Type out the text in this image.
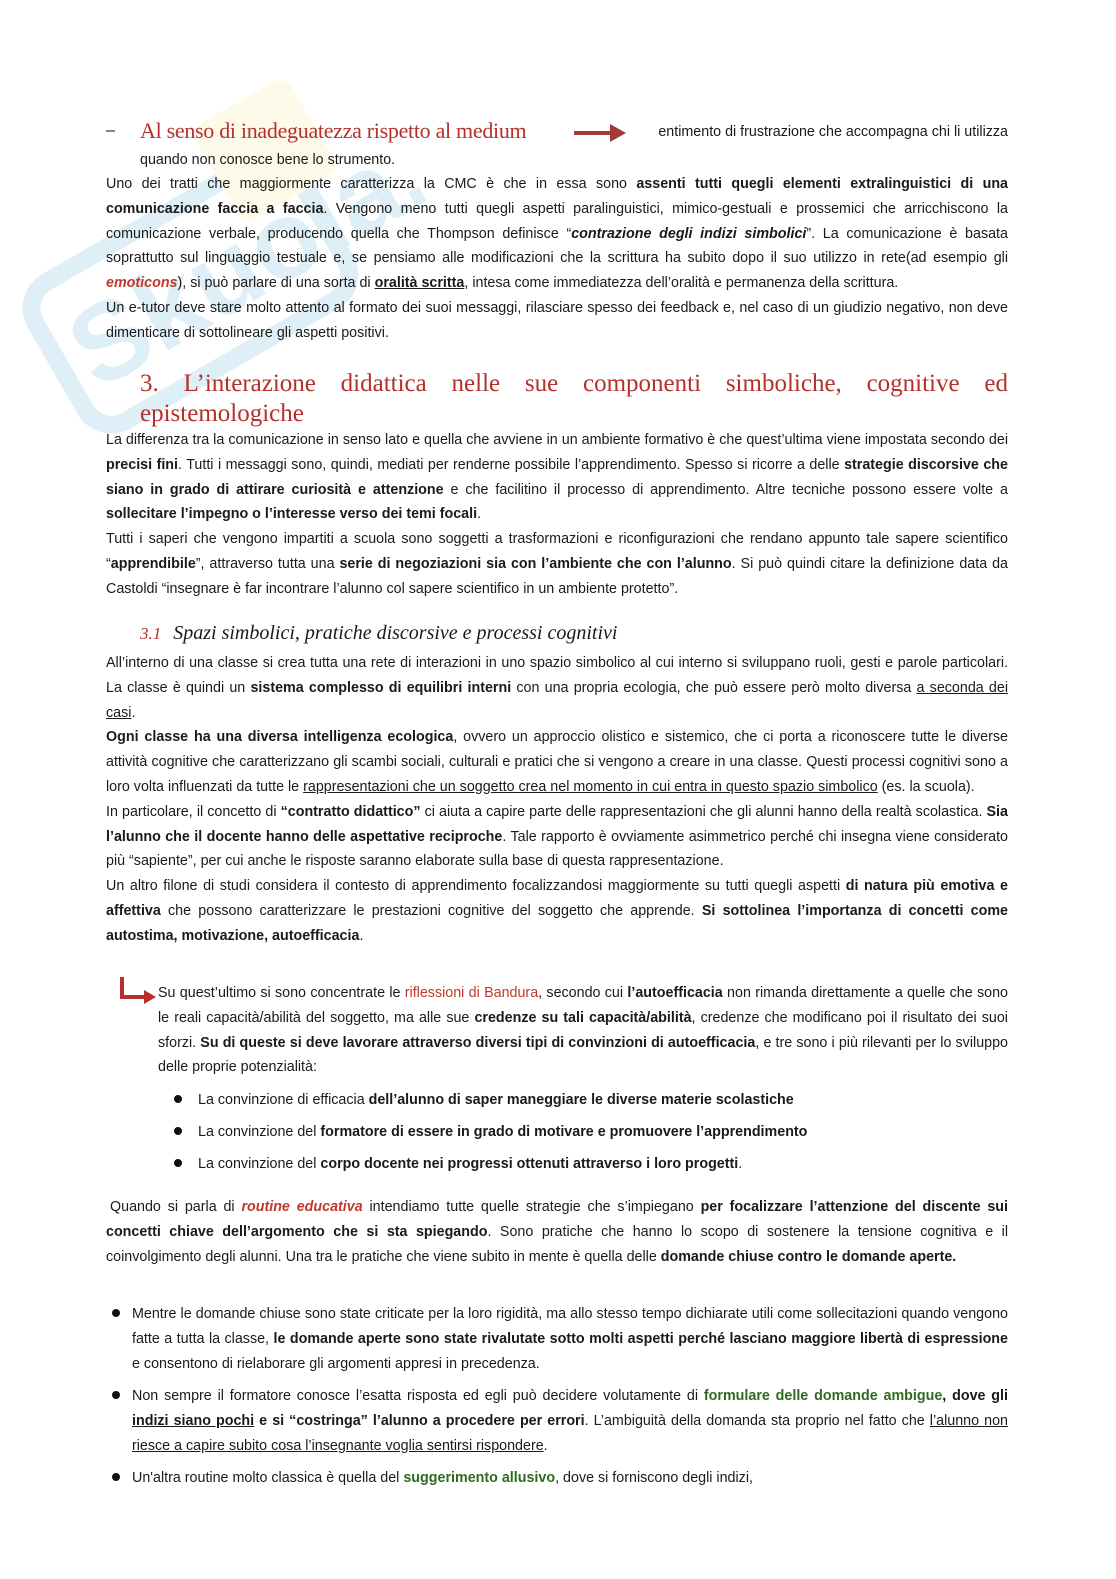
Skuola.net
– Al senso di inadeguatezza rispetto al medium	entimento di frustrazione che accompagna chi li utilizza

quando non conosce bene lo strumento.

Uno dei tratti che maggiormente caratterizza la CMC è che in essa sono assenti tutti quegli elementi extralinguistici di una comunicazione faccia a faccia. Vengono meno tutti quegli aspetti paralinguistici, mimico-gestuali e prossemici che arricchiscono la comunicazione verbale, producendo quella che Thompson definisce “contrazione degli indizi simbolici”. La comunicazione è basata soprattutto sul linguaggio testuale e, se pensiamo alle modificazioni che la scrittura ha subito dopo il suo utilizzo in rete(ad esempio gli emoticons), si può parlare di una sorta di oralità scritta, intesa come immediatezza dell’oralità e permanenza della scrittura.

Un e-tutor deve stare molto attento al formato dei suoi messaggi, rilasciare spesso dei feedback e, nel caso di un giudizio negativo, non deve dimenticare di sottolineare gli aspetti positivi.

3. L’interazione didattica nelle sue componenti simboliche, cognitive ed
epistemologiche

La differenza tra la comunicazione in senso lato e quella che avviene in un ambiente formativo è che quest’ultima viene impostata secondo dei precisi fini. Tutti i messaggi sono, quindi, mediati per renderne possibile l’apprendimento. Spesso si ricorre a delle strategie discorsive che siano in grado di attirare curiosità e attenzione e che facilitino il processo di apprendimento. Altre tecniche possono essere volte a sollecitare l’impegno o l’interesse verso dei temi focali.

Tutti i saperi che vengono impartiti a scuola sono soggetti a trasformazioni e riconfigurazioni che rendano appunto tale sapere scientifico “apprendibile”, attraverso tutta una serie di negoziazioni sia con l’ambiente che con l’alunno. Si può quindi citare la definizione data da Castoldi “insegnare è far incontrare l’alunno col sapere scientifico in un ambiente protetto”.

3.1 Spazi simbolici, pratiche discorsive e processi cognitivi

All’interno di una classe si crea tutta una rete di interazioni in uno spazio simbolico al cui interno si sviluppano ruoli, gesti e parole particolari. La classe è quindi un sistema complesso di equilibri interni con una propria ecologia, che può essere però molto diversa a seconda dei casi.

Ogni classe ha una diversa intelligenza ecologica, ovvero un approccio olistico e sistemico, che ci porta a riconoscere tutte le diverse attività cognitive che caratterizzano gli scambi sociali, culturali e pratici che si vengono a creare in una classe. Questi processi cognitivi sono a loro volta influenzati da tutte le rappresentazioni che un soggetto crea nel momento in cui entra in questo spazio simbolico (es. la scuola).

In particolare, il concetto di “contratto didattico” ci aiuta a capire parte delle rappresentazioni che gli alunni hanno della realtà scolastica. Sia l’alunno che il docente hanno delle aspettative reciproche. Tale rapporto è ovviamente asimmetrico perché chi insegna viene considerato più “sapiente”, per cui anche le risposte saranno elaborate sulla base di questa rappresentazione.

Un altro filone di studi considera il contesto di apprendimento focalizzandosi maggiormente su tutti quegli aspetti di natura più emotiva e affettiva che possono caratterizzare le prestazioni cognitive del soggetto che apprende. Si sottolinea l’importanza di concetti come autostima, motivazione, autoefficacia.

Su quest’ultimo si sono concentrate le riflessioni di Bandura, secondo cui l’autoefficacia non rimanda direttamente a quelle che sono le reali capacità/abilità del soggetto, ma alle sue credenze su tali capacità/abilità, credenze che modificano poi il risultato dei suoi sforzi. Su di queste si deve lavorare attraverso diversi tipi di convinzioni di autoefficacia, e tre sono i più rilevanti per lo sviluppo delle proprie potenzialità:

La convinzione di efficacia dell’alunno di saper maneggiare le diverse materie scolastiche

La convinzione del formatore di essere in grado di motivare e promuovere l’apprendimento

La convinzione del corpo docente nei progressi ottenuti attraverso i loro progetti.

Quando si parla di routine educativa intendiamo tutte quelle strategie che s’impiegano per focalizzare l’attenzione del discente sui concetti chiave dell’argomento che si sta spiegando. Sono pratiche che hanno lo scopo di sostenere la tensione cognitiva e il coinvolgimento degli alunni. Una tra le pratiche che viene subito in mente è quella delle domande chiuse contro le domande aperte.

Mentre le domande chiuse sono state criticate per la loro rigidità, ma allo stesso tempo dichiarate utili come sollecitazioni quando vengono fatte a tutta la classe, le domande aperte sono state rivalutate sotto molti aspetti perché lasciano maggiore libertà di espressione e consentono di rielaborare gli argomenti appresi in precedenza.

Non sempre il formatore conosce l’esatta risposta ed egli può decidere volutamente di formulare delle domande ambigue, dove gli indizi siano pochi e si “costringa” l’alunno a procedere per errori. L’ambiguità della domanda sta proprio nel fatto che l’alunno non riesce a capire subito cosa l’insegnante voglia sentirsi rispondere.

Un'altra routine molto classica è quella del suggerimento allusivo, dove si forniscono degli indizi,
